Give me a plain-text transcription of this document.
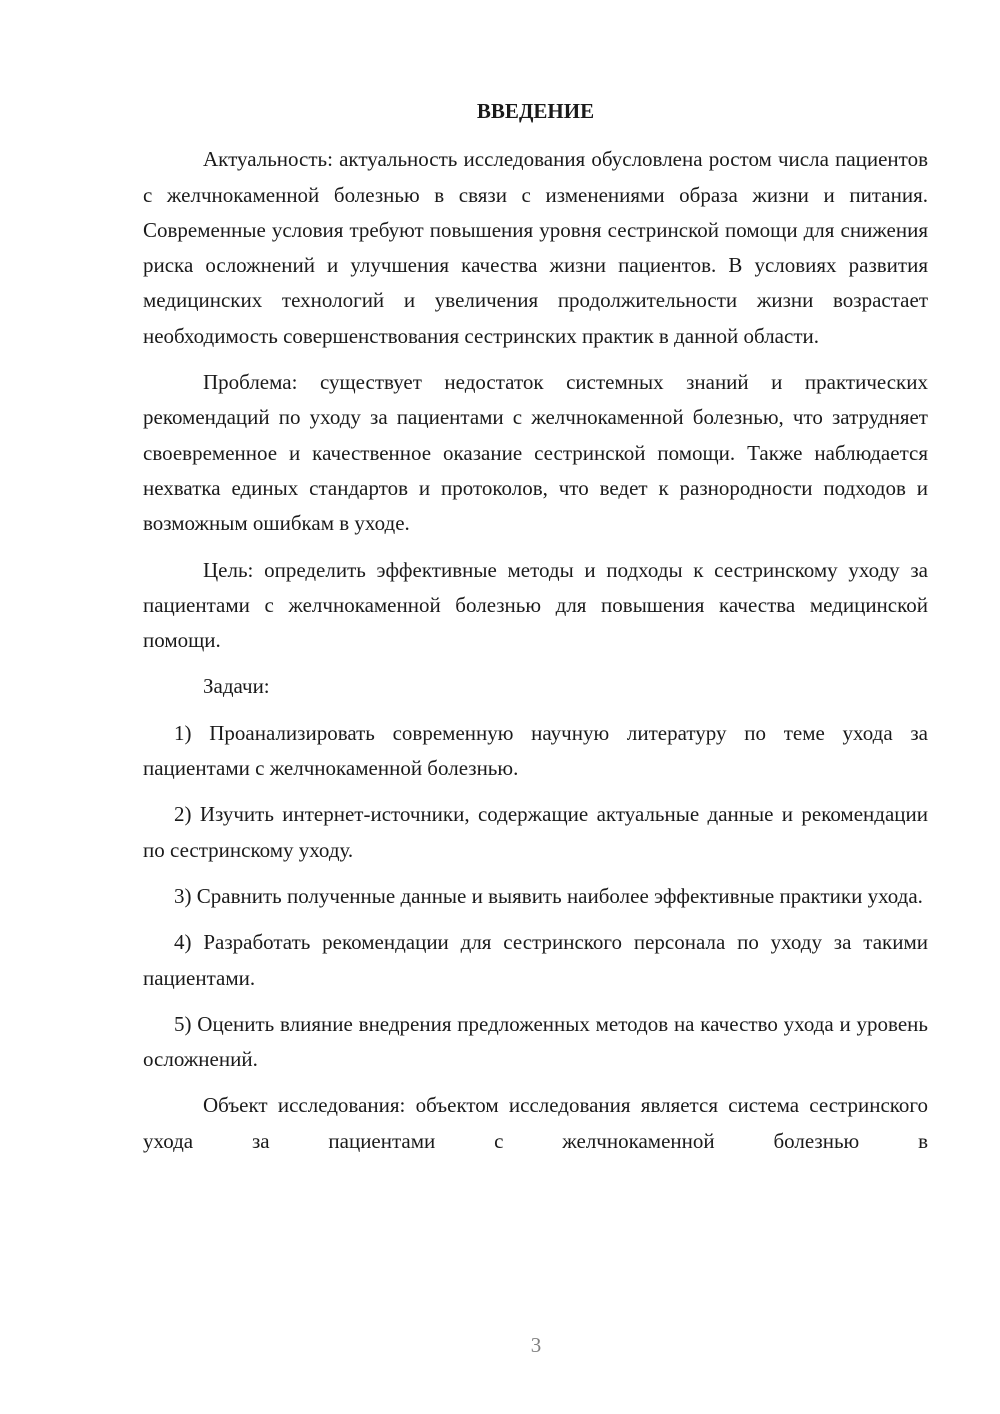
ВВЕДЕНИЕ

Актуальность: актуальность исследования обусловлена ростом числа пациентов с желчнокаменной болезнью в связи с изменениями образа жизни и питания. Современные условия требуют повышения уровня сестринской помощи для снижения риска осложнений и улучшения качества жизни пациентов. В условиях развития медицинских технологий и увеличения продолжительности жизни возрастает необходимость совершенствования сестринских практик в данной области.

Проблема: существует недостаток системных знаний и практических рекомендаций по уходу за пациентами с желчнокаменной болезнью, что затрудняет своевременное и качественное оказание сестринской помощи. Также наблюдается нехватка единых стандартов и протоколов, что ведет к разнородности подходов и возможным ошибкам в уходе.

Цель: определить эффективные методы и подходы к сестринскому уходу за пациентами с желчнокаменной болезнью для повышения качества медицинской помощи.

Задачи:

1) Проанализировать современную научную литературу по теме ухода за пациентами с желчнокаменной болезнью.

2) Изучить интернет-источники, содержащие актуальные данные и рекомендации по сестринскому уходу.

3) Сравнить полученные данные и выявить наиболее эффективные практики ухода.

4) Разработать рекомендации для сестринского персонала по уходу за такими пациентами.

5) Оценить влияние внедрения предложенных методов на качество ухода и уровень осложнений.

Объект исследования: объектом исследования является система сестринского ухода за пациентами с желчнокаменной болезнью в

3
